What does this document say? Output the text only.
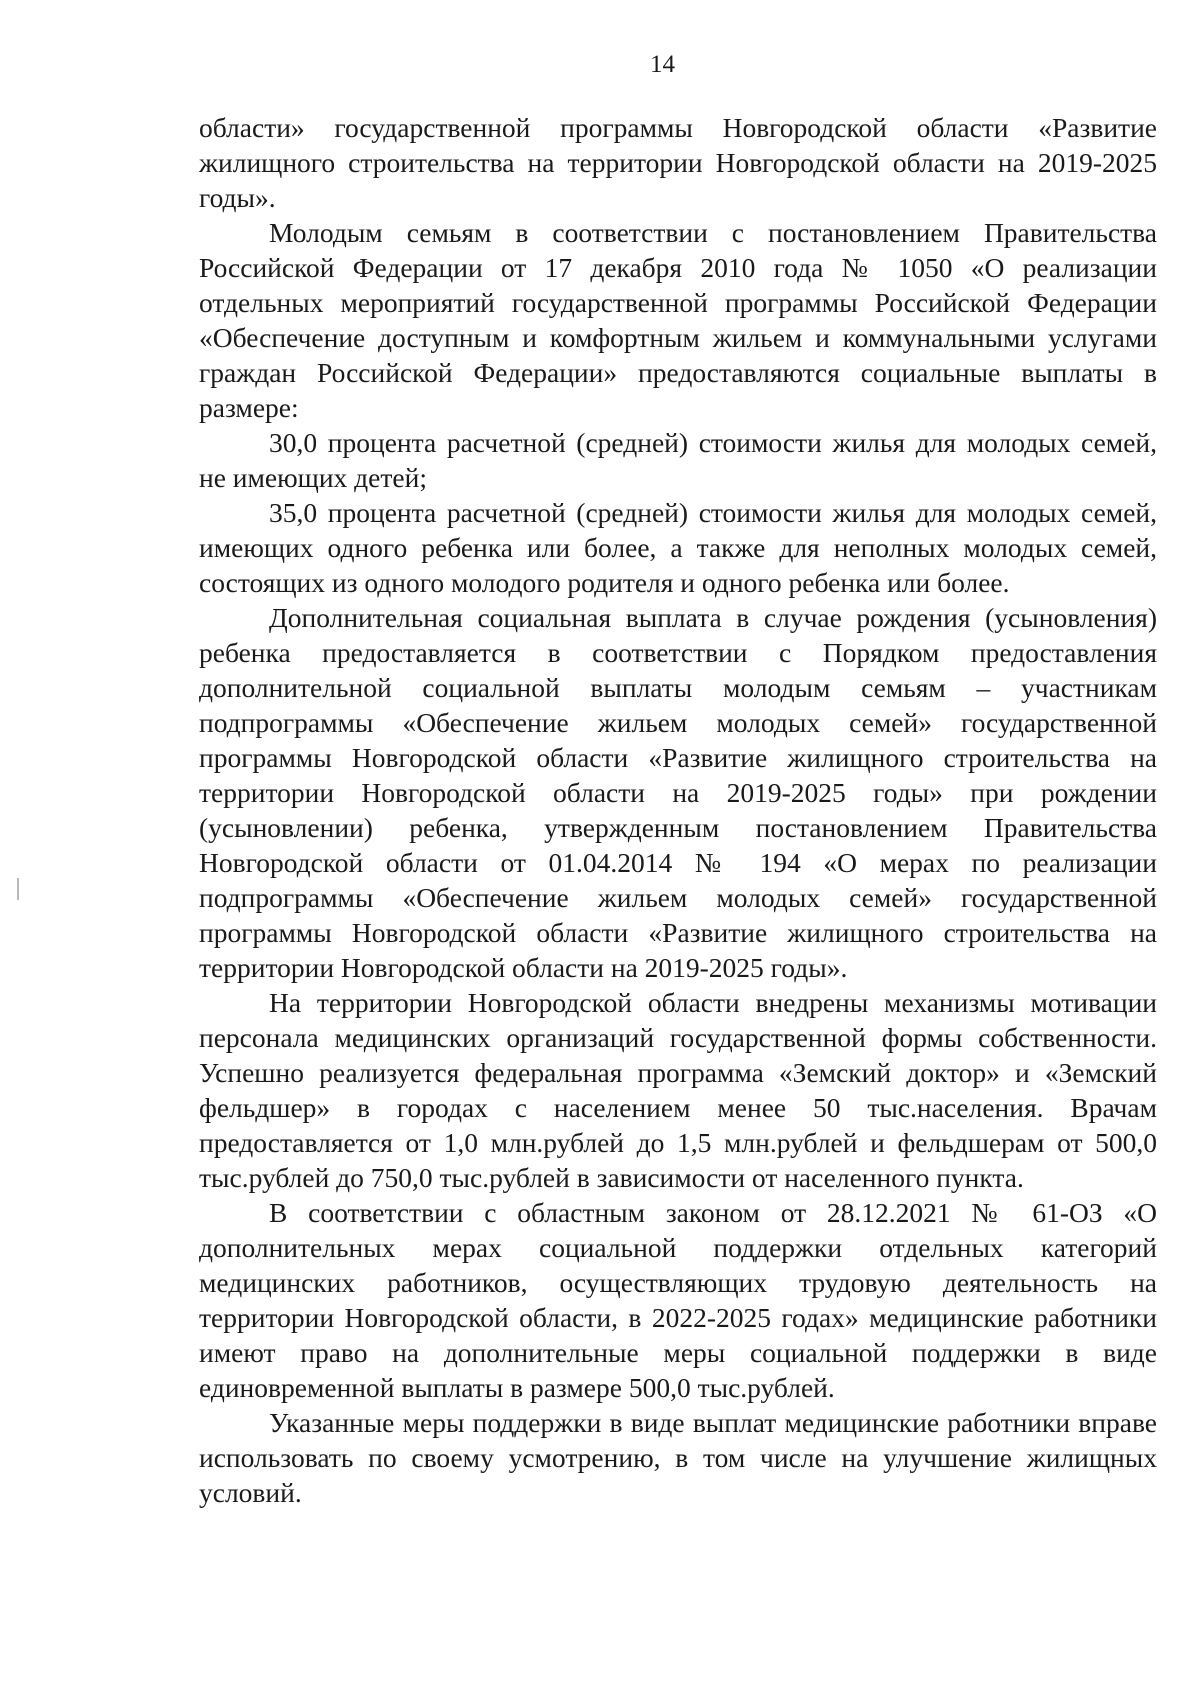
14

области» государственной программы Новгородской области «Развитие жилищного строительства на территории Новгородской области на 2019-2025 годы».

Молодым семьям в соответствии с постановлением Правительства Российской Федерации от 17 декабря 2010 года № 1050 «О реализации отдельных мероприятий государственной программы Российской Федерации «Обеспечение доступным и комфортным жильем и коммунальными услугами граждан Российской Федерации» предоставляются социальные выплаты в размере:

30,0 процента расчетной (средней) стоимости жилья для молодых семей, не имеющих детей;

35,0 процента расчетной (средней) стоимости жилья для молодых семей, имеющих одного ребенка или более, а также для неполных молодых семей, состоящих из одного молодого родителя и одного ребенка или более.

Дополнительная социальная выплата в случае рождения (усыновления) ребенка предоставляется в соответствии с Порядком предоставления дополнительной социальной выплаты молодым семьям – участникам подпрограммы «Обеспечение жильем молодых семей» государственной программы Новгородской области «Развитие жилищного строительства на территории Новгородской области на 2019-2025 годы» при рождении (усыновлении) ребенка, утвержденным постановлением Правительства Новгородской области от 01.04.2014 № 194 «О мерах по реализации подпрограммы «Обеспечение жильем молодых семей» государственной программы Новгородской области «Развитие жилищного строительства на территории Новгородской области на 2019-2025 годы».

На территории Новгородской области внедрены механизмы мотивации персонала медицинских организаций государственной формы собственности. Успешно реализуется федеральная программа «Земский доктор» и «Земский фельдшер» в городах с населением менее 50 тыс.населения. Врачам предоставляется от 1,0 млн.рублей до 1,5 млн.рублей и фельдшерам от 500,0 тыс.рублей до 750,0 тыс.рублей в зависимости от населенного пункта.

В соответствии с областным законом от 28.12.2021 № 61-ОЗ «О дополнительных мерах социальной поддержки отдельных категорий медицинских работников, осуществляющих трудовую деятельность на территории Новгородской области, в 2022-2025 годах» медицинские работники имеют право на дополнительные меры социальной поддержки в виде единовременной выплаты в размере 500,0 тыс.рублей.

Указанные меры поддержки в виде выплат медицинские работники вправе использовать по своему усмотрению, в том числе на улучшение жилищных условий.
